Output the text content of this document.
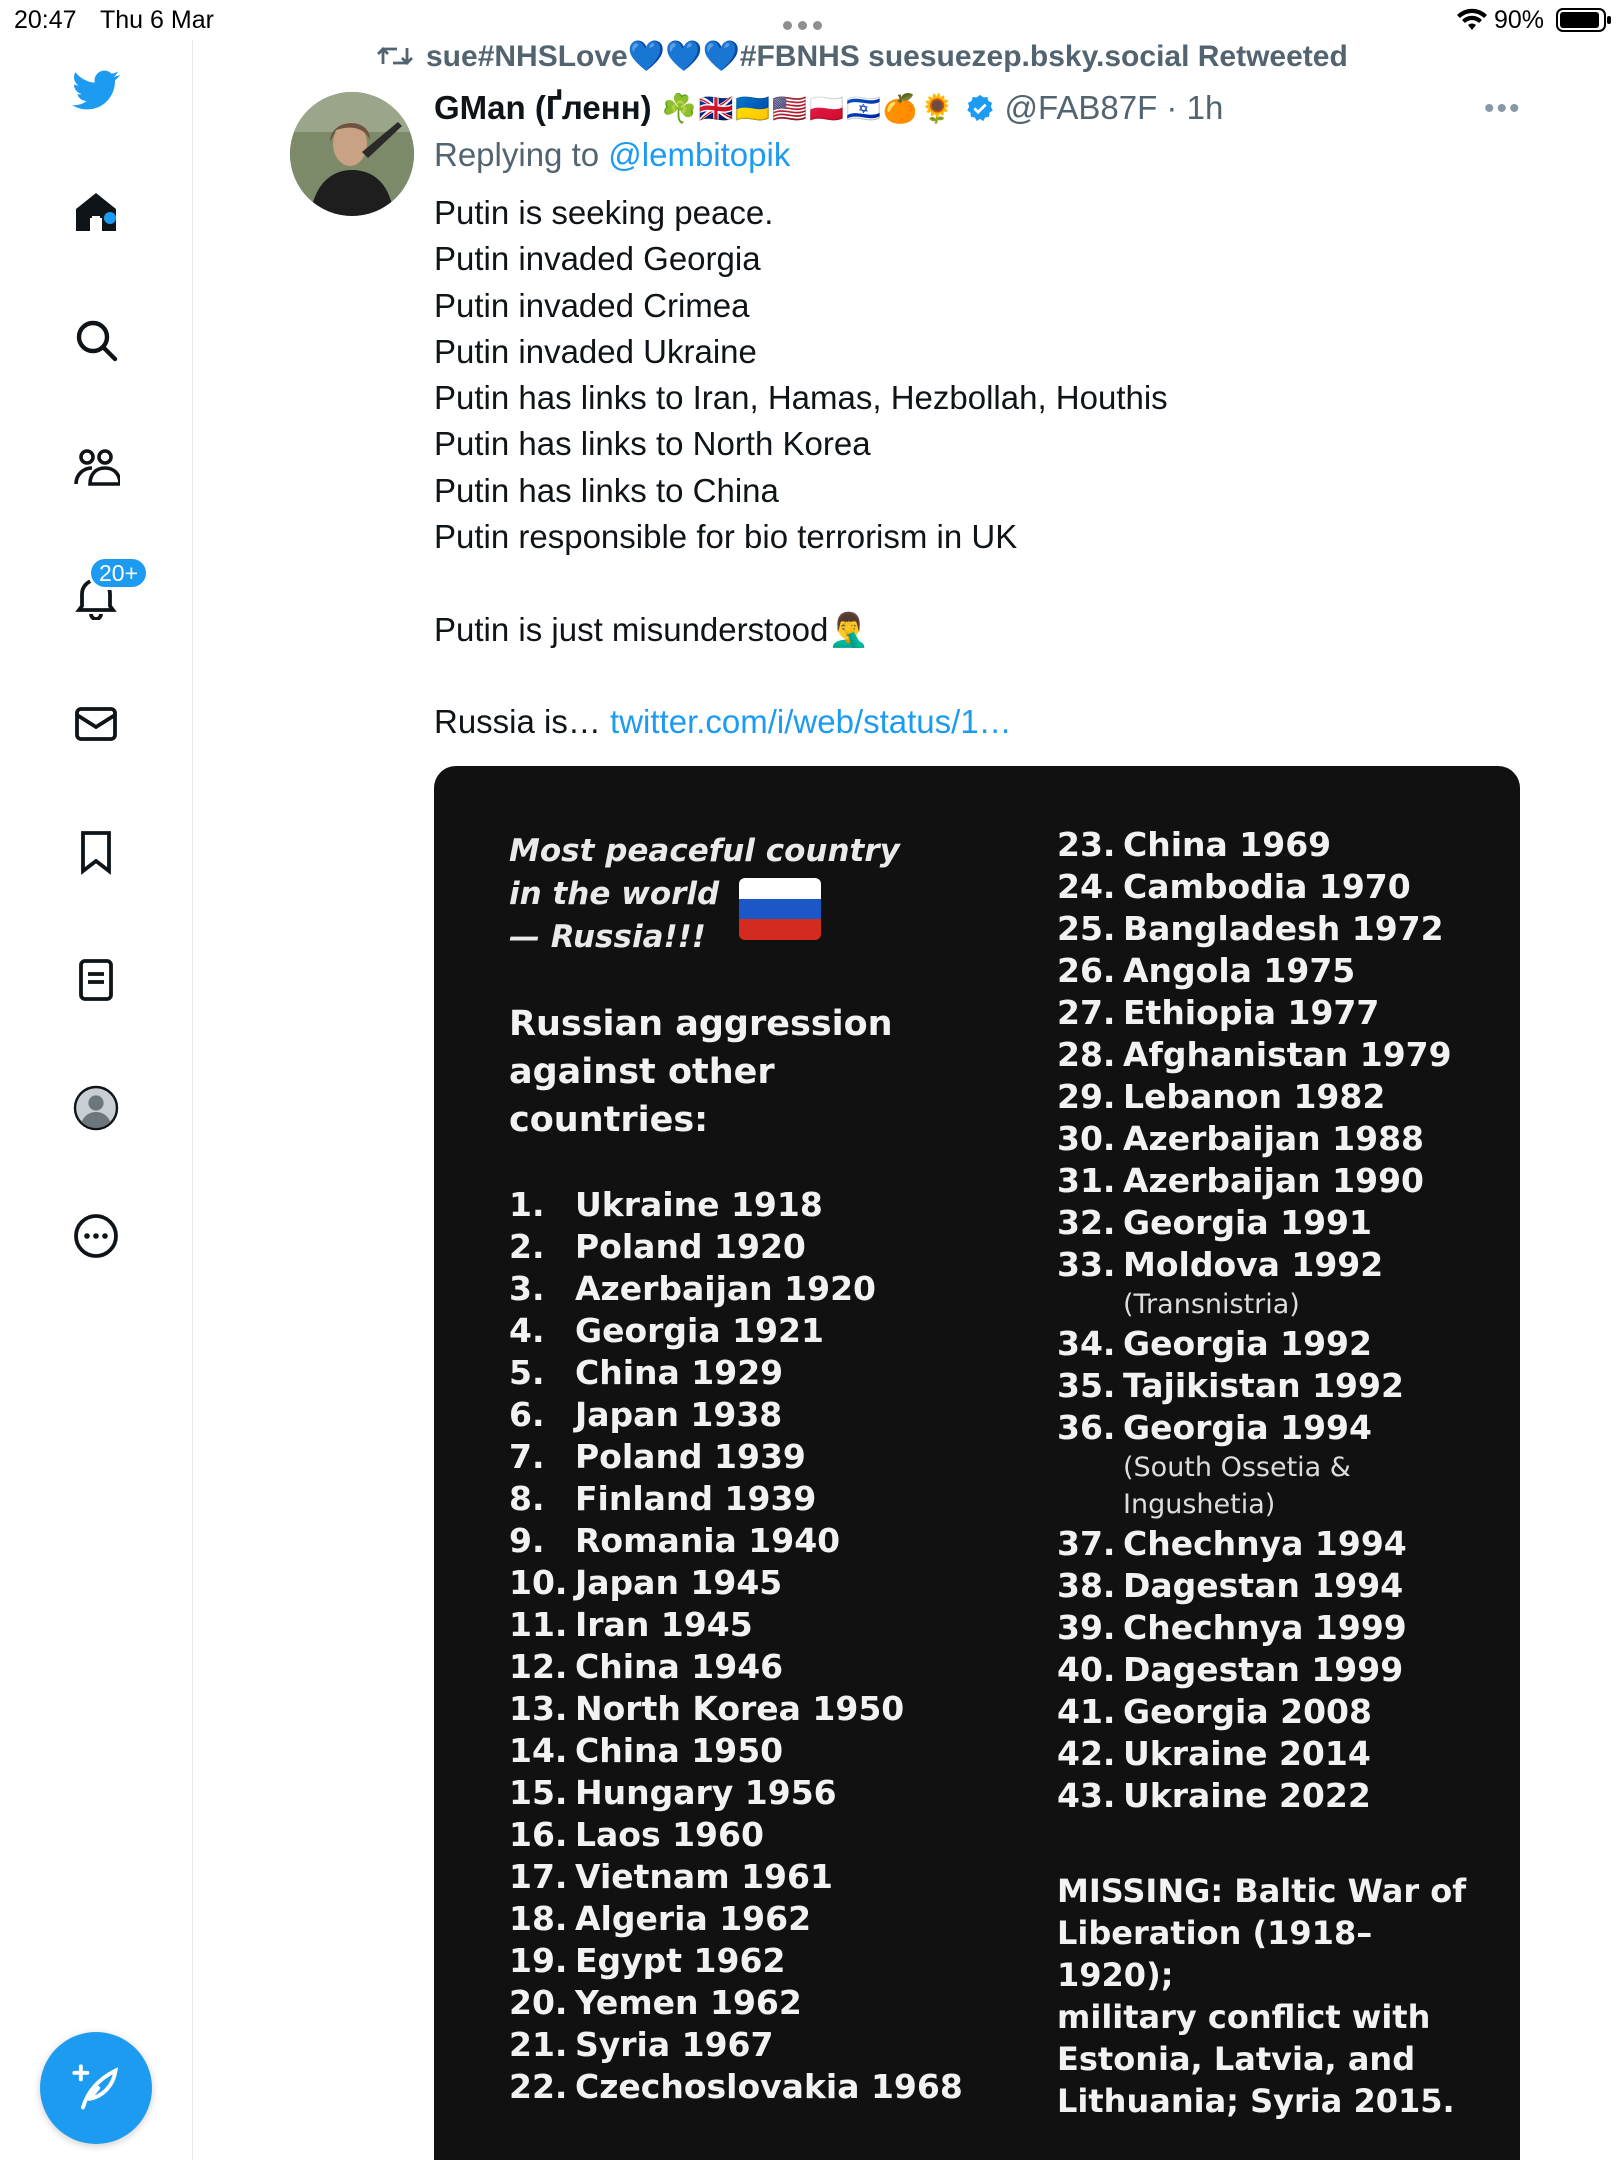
20:47 Thu 6 Mar	90%
20+
sue#NHSLove💙💙💙#FBNHS suesuezep.bsky.social Retweeted
GMan (Ґленн) ☘️🇬🇧🇺🇦🇺🇸🇵🇱🇮🇱🍊🌻 @FAB87F · 1h	•••
Replying to @lembitopik
Putin is seeking peace.
Putin invaded Georgia
Putin invaded Crimea
Putin invaded Ukraine
Putin has links to Iran, Hamas, Hezbollah, Houthis
Putin has links to North Korea
Putin has links to China
Putin responsible for bio terrorism in UK
Putin is just misunderstood🤦‍♂️
Russia is… twitter.com/i/web/status/1…
Most peaceful country
in the world
— Russia!!!
Russian aggression
against other
countries:
1. Ukraine 1918
2. Poland 1920
3. Azerbaijan 1920
4. Georgia 1921
5. China 1929
6. Japan 1938
7. Poland 1939
8. Finland 1939
9. Romania 1940
10. Japan 1945
11. Iran 1945
12. China 1946
13. North Korea 1950
14. China 1950
15. Hungary 1956
16. Laos 1960
17. Vietnam 1961
18. Algeria 1962
19. Egypt 1962
20. Yemen 1962
21. Syria 1967
22. Czechoslovakia 1968
23. China 1969
24. Cambodia 1970
25. Bangladesh 1972
26. Angola 1975
27. Ethiopia 1977
28. Afghanistan 1979
29. Lebanon 1982
30. Azerbaijan 1988
31. Azerbaijan 1990
32. Georgia 1991
33. Moldova 1992
(Transnistria)
34. Georgia 1992
35. Tajikistan 1992
36. Georgia 1994
(South Ossetia &
Ingushetia)
37. Chechnya 1994
38. Dagestan 1994
39. Chechnya 1999
40. Dagestan 1999
41. Georgia 2008
42. Ukraine 2014
43. Ukraine 2022
MISSING: Baltic War of
Liberation (1918–1920);
military conflict with
Estonia, Latvia, and
Lithuania; Syria 2015.
